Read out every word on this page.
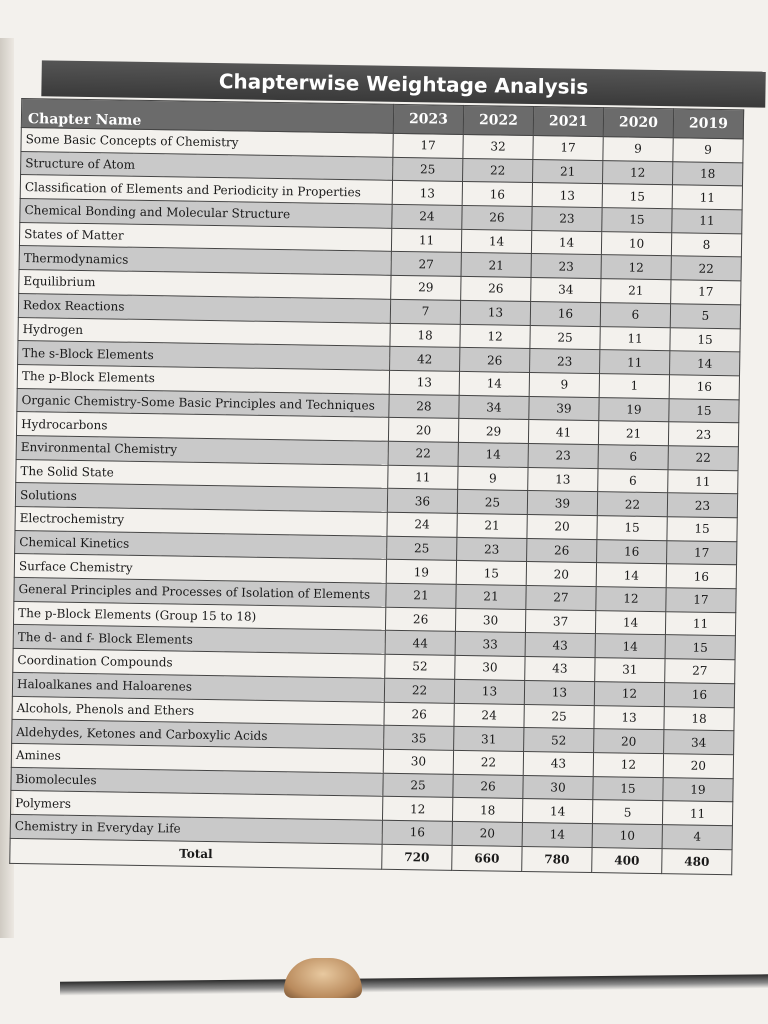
Chapterwise Weightage Analysis
Chapter Name	2023	2022	2021	2020	2019
Some Basic Concepts of Chemistry	17	32	17	9	9
Structure of Atom	25	22	21	12	18
Classification of Elements and Periodicity in Properties	13	16	13	15	11
Chemical Bonding and Molecular Structure	24	26	23	15	11
States of Matter	11	14	14	10	8
Thermodynamics	27	21	23	12	22
Equilibrium	29	26	34	21	17
Redox Reactions	7	13	16	6	5
Hydrogen	18	12	25	11	15
The s-Block Elements	42	26	23	11	14
The p-Block Elements	13	14	9	1	16
Organic Chemistry-Some Basic Principles and Techniques	28	34	39	19	15
Hydrocarbons	20	29	41	21	23
Environmental Chemistry	22	14	23	6	22
The Solid State	11	9	13	6	11
Solutions	36	25	39	22	23
Electrochemistry	24	21	20	15	15
Chemical Kinetics	25	23	26	16	17
Surface Chemistry	19	15	20	14	16
General Principles and Processes of Isolation of Elements	21	21	27	12	17
The p-Block Elements (Group 15 to 18)	26	30	37	14	11
The d- and f- Block Elements	44	33	43	14	15
Coordination Compounds	52	30	43	31	27
Haloalkanes and Haloarenes	22	13	13	12	16
Alcohols, Phenols and Ethers	26	24	25	13	18
Aldehydes, Ketones and Carboxylic Acids	35	31	52	20	34
Amines	30	22	43	12	20
Biomolecules	25	26	30	15	19
Polymers	12	18	14	5	11
Chemistry in Everyday Life	16	20	14	10	4
Total	720	660	780	400	480
